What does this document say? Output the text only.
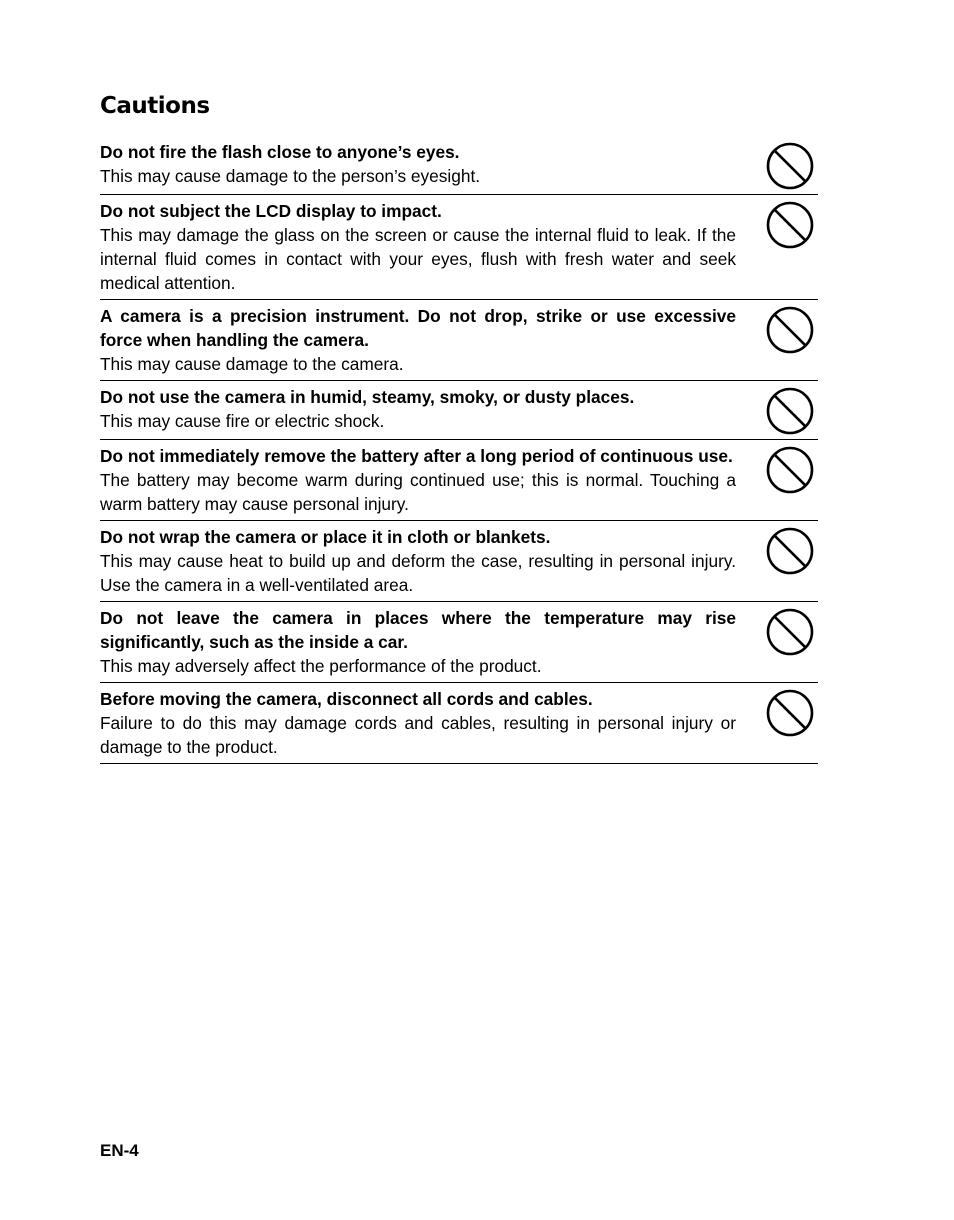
Cautions
Do not fire the flash close to anyone’s eyes.
This may cause damage to the person’s eyesight.
Do not subject the LCD display to impact.
This may damage the glass on the screen or cause the internal fluid to leak. If the internal fluid comes in contact with your eyes, flush with fresh water and seek medical attention.
A camera is a precision instrument. Do not drop, strike or use excessive force when handling the camera.
This may cause damage to the camera.
Do not use the camera in humid, steamy, smoky, or dusty places.
This may cause fire or electric shock.
Do not immediately remove the battery after a long period of continuous use.
The battery may become warm during continued use; this is normal. Touching a warm battery may cause personal injury.
Do not wrap the camera or place it in cloth or blankets.
This may cause heat to build up and deform the case, resulting in personal injury. Use the camera in a well-ventilated area.
Do not leave the camera in places where the temperature may rise significantly, such as the inside a car.
This may adversely affect the performance of the product.
Before moving the camera, disconnect all cords and cables.
Failure to do this may damage cords and cables, resulting in personal injury or damage to the product.
EN-4
